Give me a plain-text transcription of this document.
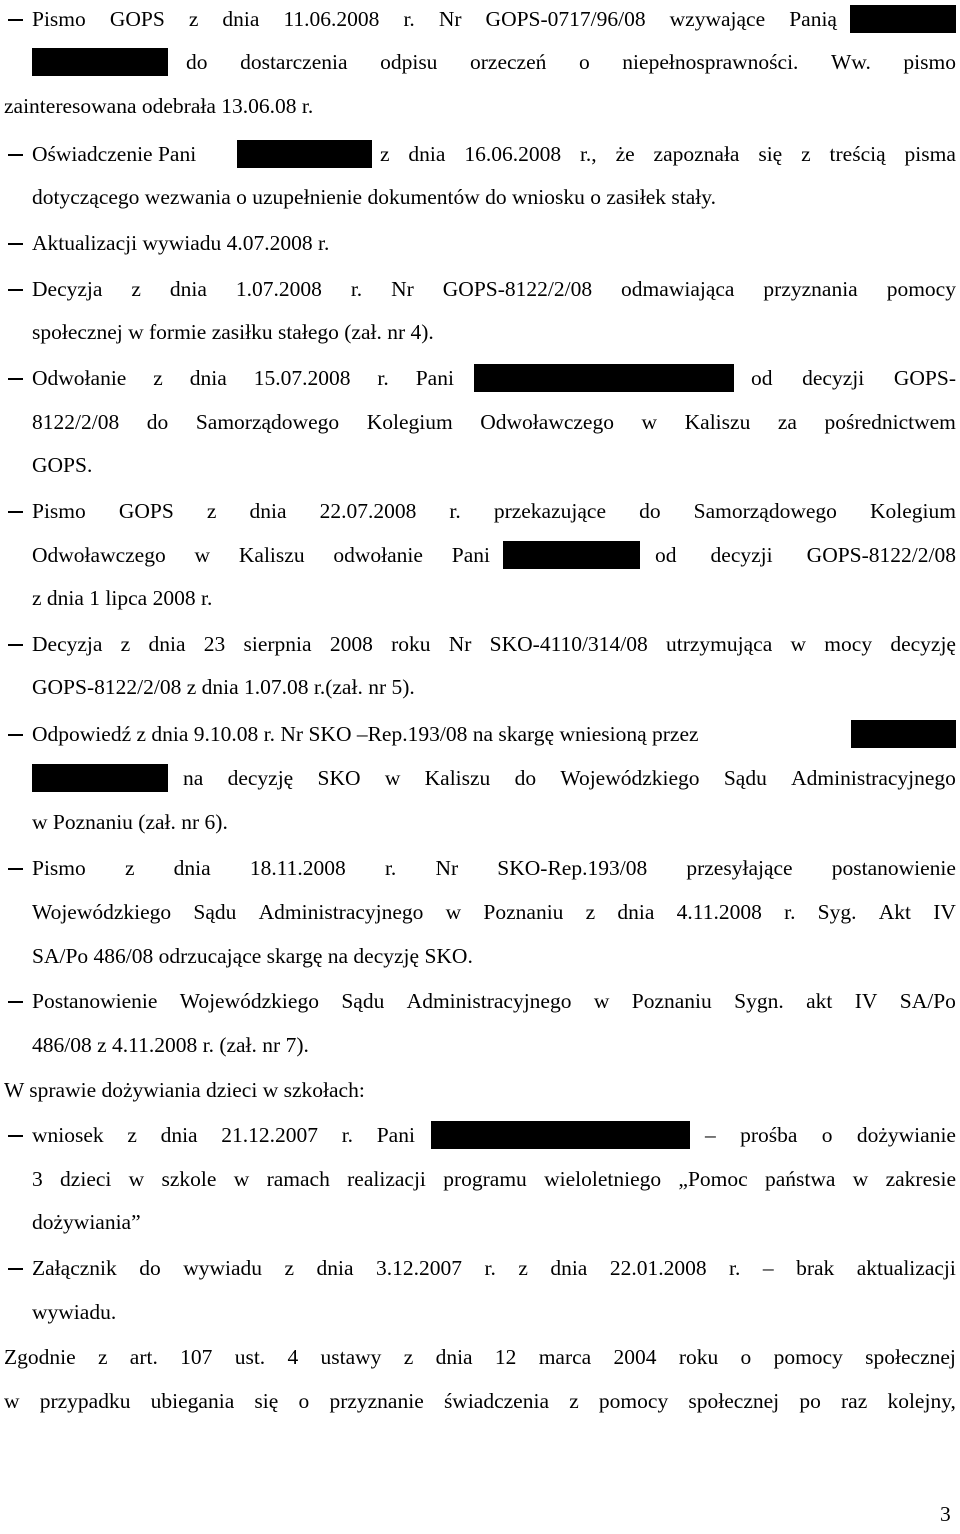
Pismo GOPS z dnia 11.06.2008 r. Nr GOPS-0717/96/08 wzywające Panią
do dostarczenia odpisu orzeczeń o niepełnosprawności. Ww. pismo
zainteresowana odebrała 13.06.08 r.
Oświadczenie Pani	z dnia 16.06.2008 r., że zapoznała się z treścią pisma
dotyczącego wezwania o uzupełnienie dokumentów do wniosku o zasiłek stały.
Aktualizacji wywiadu 4.07.2008 r.
Decyzja z dnia 1.07.2008 r. Nr GOPS-8122/2/08 odmawiająca przyznania pomocy
społecznej w formie zasiłku stałego (zał. nr 4).
Odwołanie z dnia 15.07.2008 r. Pani	od decyzji GOPS-
8122/2/08 do Samorządowego Kolegium Odwoławczego w Kaliszu za pośrednictwem
GOPS.
Pismo GOPS z dnia 22.07.2008 r. przekazujące do Samorządowego Kolegium
Odwoławczego w Kaliszu odwołanie Pani	od decyzji GOPS-8122/2/08
z dnia 1 lipca 2008 r.
Decyzja z dnia 23 sierpnia 2008 roku Nr SKO-4110/314/08 utrzymująca w mocy decyzję
GOPS-8122/2/08 z dnia 1.07.08 r.(zał. nr 5).
Odpowiedź z dnia 9.10.08 r. Nr SKO –Rep.193/08 na skargę wniesioną przez
na decyzję SKO w Kaliszu do Wojewódzkiego Sądu Administracyjnego
w Poznaniu (zał. nr 6).
Pismo z dnia 18.11.2008 r. Nr SKO-Rep.193/08 przesyłające postanowienie
Wojewódzkiego Sądu Administracyjnego w Poznaniu z dnia 4.11.2008 r. Syg. Akt IV
SA/Po 486/08 odrzucające skargę na decyzję SKO.
Postanowienie Wojewódzkiego Sądu Administracyjnego w Poznaniu Sygn. akt IV SA/Po
486/08 z 4.11.2008 r. (zał. nr 7).
W sprawie dożywiania dzieci w szkołach:
wniosek z dnia 21.12.2007 r. Pani	– prośba o dożywianie
3 dzieci w szkole w ramach realizacji programu wieloletniego „Pomoc państwa w zakresie
dożywiania”
Załącznik do wywiadu z dnia 3.12.2007 r. z dnia 22.01.2008 r. – brak aktualizacji
wywiadu.
Zgodnie z art. 107 ust. 4 ustawy z dnia 12 marca 2004 roku o pomocy społecznej
w przypadku ubiegania się o przyznanie świadczenia z pomocy społecznej po raz kolejny,
3
